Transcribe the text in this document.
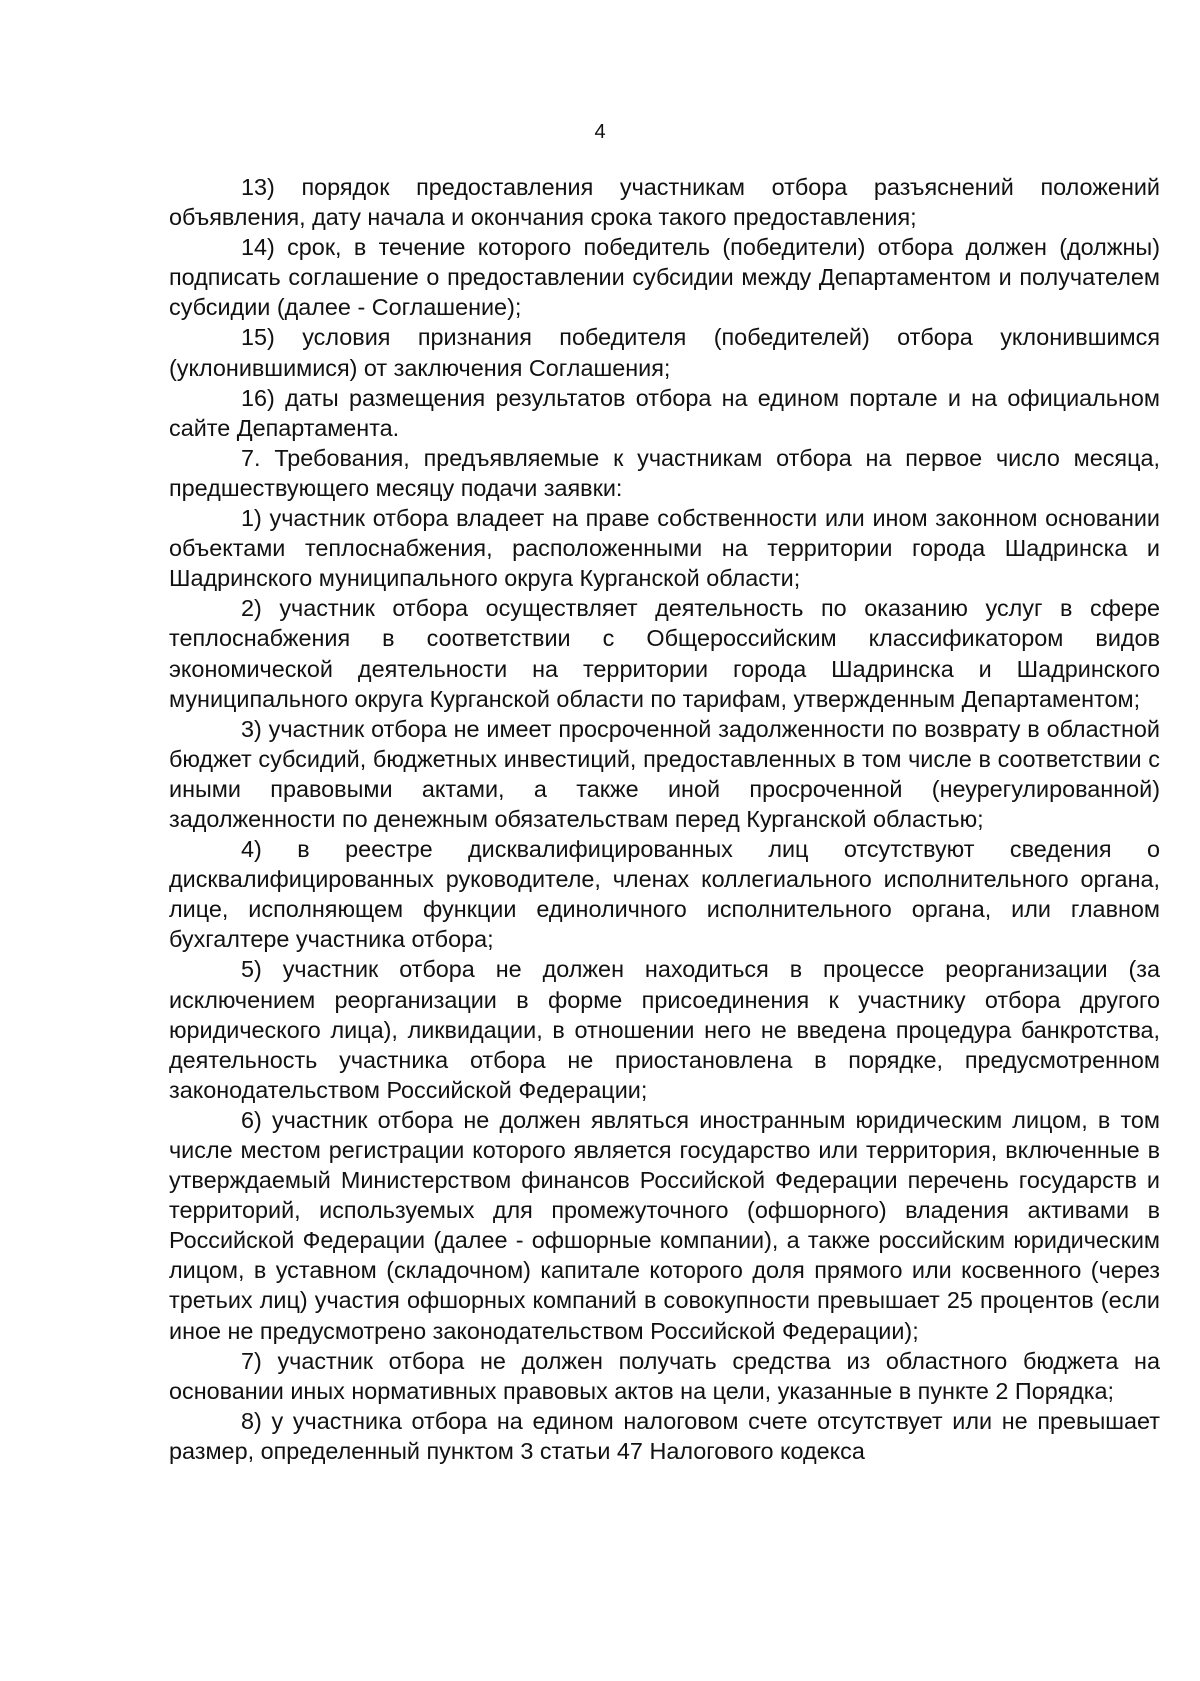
4

13) порядок предоставления участникам отбора разъяснений положений объявления, дату начала и окончания срока такого предоставления;

14) срок, в течение которого победитель (победители) отбора должен (должны) подписать соглашение о предоставлении субсидии между Департаментом и получателем субсидии (далее - Соглашение);

15) условия признания победителя (победителей) отбора уклонившимся (уклонившимися) от заключения Соглашения;

16) даты размещения результатов отбора на едином портале и на официальном сайте Департамента.

7. Требования, предъявляемые к участникам отбора на первое число месяца, предшествующего месяцу подачи заявки:

1) участник отбора владеет на праве собственности или ином законном основании объектами теплоснабжения, расположенными на территории города Шадринска и Шадринского муниципального округа Курганской области;

2) участник отбора осуществляет деятельность по оказанию услуг в сфере теплоснабжения в соответствии с Общероссийским классификатором видов экономической деятельности на территории города Шадринска и Шадринского муниципального округа Курганской области по тарифам, утвержденным Департаментом;

3) участник отбора не имеет просроченной задолженности по возврату в областной бюджет субсидий, бюджетных инвестиций, предоставленных в том числе в соответствии с иными правовыми актами, а также иной просроченной (неурегулированной) задолженности по денежным обязательствам перед Курганской областью;

4) в реестре дисквалифицированных лиц отсутствуют сведения о дисквалифицированных руководителе, членах коллегиального исполнительного органа, лице, исполняющем функции единоличного исполнительного органа, или главном бухгалтере участника отбора;

5) участник отбора не должен находиться в процессе реорганизации (за исключением реорганизации в форме присоединения к участнику отбора другого юридического лица), ликвидации, в отношении него не введена процедура банкротства, деятельность участника отбора не приостановлена в порядке, предусмотренном законодательством Российской Федерации;

6) участник отбора не должен являться иностранным юридическим лицом, в том числе местом регистрации которого является государство или территория, включенные в утверждаемый Министерством финансов Российской Федерации перечень государств и территорий, используемых для промежуточного (офшорного) владения активами в Российской Федерации (далее - офшорные компании), а также российским юридическим лицом, в уставном (складочном) капитале которого доля прямого или косвенного (через третьих лиц) участия офшорных компаний в совокупности превышает 25 процентов (если иное не предусмотрено законодательством Российской Федерации);

7) участник отбора не должен получать средства из областного бюджета на основании иных нормативных правовых актов на цели, указанные в пункте 2 Порядка;

8) у участника отбора на едином налоговом счете отсутствует или не превышает размер, определенный пунктом 3 статьи 47 Налогового кодекса
